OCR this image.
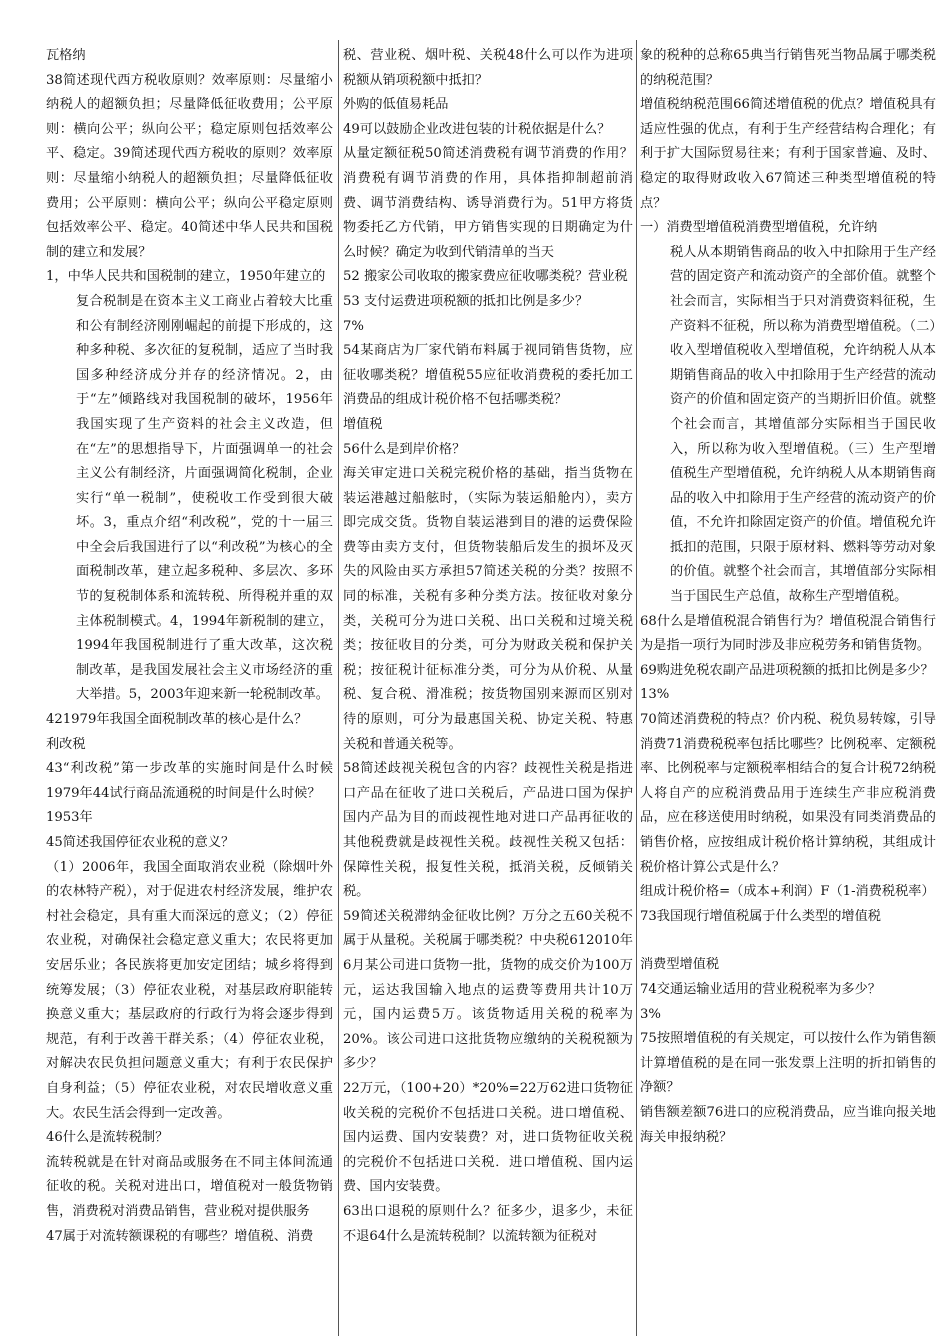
瓦格纳

38简述现代西方税收原则？效率原则：尽量缩小纳税人的超额负担；尽量降低征收费用；公平原则：横向公平；纵向公平；稳定原则包括效率公平、稳定。39简述现代西方税收的原则？效率原则：尽量缩小纳税人的超额负担；尽量降低征收费用；公平原则：横向公平；纵向公平稳定原则包括效率公平、稳定。40简述中华人民共和国税制的建立和发展？

1，中华人民共和国税制的建立，1950年建立的

复合税制是在资本主义工商业占着较大比重和公有制经济刚刚崛起的前提下形成的，这种多种税、多次征的复税制，适应了当时我国多种经济成分并存的经济情况。2，由于“左”倾路线对我国税制的破坏，1956年我国实现了生产资料的社会主义改造，但在“左”的思想指导下，片面强调单一的社会主义公有制经济，片面强调简化税制，企业实行“单一税制”，使税收工作受到很大破坏。3，重点介绍“利改税”，党的十一届三中全会后我国进行了以“利改税”为核心的全面税制改革，建立起多税种、多层次、多环节的复税制体系和流转税、所得税并重的双主体税制模式。4，1994年新税制的建立，1994年我国税制进行了重大改革，这次税制改革，是我国发展社会主义市场经济的重大举措。5，2003年迎来新一轮税制改革。

421979年我国全面税制改革的核心是什么？

利改税

43“利改税”第一步改革的实施时间是什么时候1979年44试行商品流通税的时间是什么时候？

1953年

45简述我国停征农业税的意义？

（1）2006年，我国全面取消农业税（除烟叶外的农林特产税），对于促进农村经济发展，维护农村社会稳定，具有重大而深远的意义；（2）停征农业税，对确保社会稳定意义重大；农民将更加安居乐业；各民族将更加安定团结；城乡将得到统筹发展；（3）停征农业税，对基层政府职能转换意义重大；基层政府的行政行为将会逐步得到规范，有利于改善干群关系；（4）停征农业税，对解决农民负担问题意义重大；有利于农民保护自身利益；（5）停征农业税，对农民增收意义重大。农民生活会得到一定改善。

46什么是流转税制？

流转税就是在针对商品或服务在不同主体间流通征收的税。关税对进出口，增值税对一般货物销售，消费税对消费品销售，营业税对提供服务

47属于对流转额课税的有哪些？增值税、消费

税、营业税、烟叶税、关税48什么可以作为进项税额从销项税额中抵扣？

外购的低值易耗品

49可以鼓励企业改进包装的计税依据是什么？

从量定额征税50简述消费税有调节消费的作用？消费税有调节消费的作用，具体指抑制超前消费、调节消费结构、诱导消费行为。51甲方将货物委托乙方代销，甲方销售实现的日期确定为什么时候？确定为收到代销清单的当天

52 搬家公司收取的搬家费应征收哪类税？营业税

53 支付运费进项税额的抵扣比例是多少？

7%

54某商店为厂家代销布料属于视同销售货物，应征收哪类税？增值税55应征收消费税的委托加工消费品的组成计税价格不包括哪类税？

增值税

56什么是到岸价格？

海关审定进口关税完税价格的基础，指当货物在装运港越过船舷时，（实际为装运船舱内），卖方即完成交货。货物自装运港到目的港的运费保险费等由卖方支付，但货物装船后发生的损坏及灭失的风险由买方承担57简述关税的分类？按照不同的标准，关税有多种分类方法。按征收对象分类，关税可分为进口关税、出口关税和过境关税类；按征收目的分类，可分为财政关税和保护关税；按征税计征标准分类，可分为从价税、从量税、复合税、滑准税；按货物国别来源而区别对待的原则，可分为最惠国关税、协定关税、特惠关税和普通关税等。

58简述歧视关税包含的内容？歧视性关税是指进口产品在征收了进口关税后，产品进口国为保护国内产品为目的而歧视性地对进口产品再征收的其他税费就是歧视性关税。歧视性关税又包括：保障性关税，报复性关税，抵消关税，反倾销关税。

59简述关税滞纳金征收比例？万分之五60关税不属于从量税。关税属于哪类税？中央税612010年6月某公司进口货物一批，货物的成交价为100万元，运达我国输入地点的运费等费用共计10万元，国内运费5万。该货物适用关税的税率为20%。该公司进口这批货物应缴纳的关税税额为多少？

22万元，（100+20）*20%=22万62进口货物征收关税的完税价不包括进口关税。进口增值税、国内运费、国内安装费？对，进口货物征收关税的完税价不包括进口关税．进口增值税、国内运费、国内安装费。

63出口退税的原则什么？征多少，退多少，未征不退64什么是流转税制？以流转额为征税对

象的税种的总称65典当行销售死当物品属于哪类税的纳税范围？

增值税纳税范围66简述增值税的优点？增值税具有适应性强的优点，有利于生产经营结构合理化；有利于扩大国际贸易往来；有利于国家普遍、及时、稳定的取得财政收入67简述三种类型增值税的特点？

一）消费型增值税消费型增值税，允许纳

税人从本期销售商品的收入中扣除用于生产经营的固定资产和流动资产的全部价值。就整个社会而言，实际相当于只对消费资料征税，生产资料不征税，所以称为消费型增值税。（二）收入型增值税收入型增值税，允许纳税人从本期销售商品的收入中扣除用于生产经营的流动资产的价值和固定资产的当期折旧价值。就整个社会而言，其增值部分实际相当于国民收入，所以称为收入型增值税。（三）生产型增值税生产型增值税，允许纳税人从本期销售商品的收入中扣除用于生产经营的流动资产的价值，不允许扣除固定资产的价值。增值税允许抵扣的范围，只限于原材料、燃料等劳动对象的价值。就整个社会而言，其增值部分实际相当于国民生产总值，故称生产型增值税。

68什么是增值税混合销售行为？增值税混合销售行为是指一项行为同时涉及非应税劳务和销售货物。

69购进免税农副产品进项税额的抵扣比例是多少？

13%

70简述消费税的特点？价内税、税负易转嫁，引导消费71消费税税率包括比哪些？比例税率、定额税率、比例税率与定额税率相结合的复合计税72纳税人将自产的应税消费品用于连续生产非应税消费品，应在移送使用时纳税，如果没有同类消费品的销售价格，应按组成计税价格计算纳税，其组成计税价格计算公式是什么？

组成计税价格=（成本+利润）F（1-消费税税率）

73我国现行增值税属于什么类型的增值税

消费型增值税

74交通运输业适用的营业税税率为多少？

3%

75按照增值税的有关规定，可以按什么作为销售额计算增值税的是在同一张发票上注明的折扣销售的净额？

销售额差额76进口的应税消费品，应当谁向报关地海关申报纳税？
